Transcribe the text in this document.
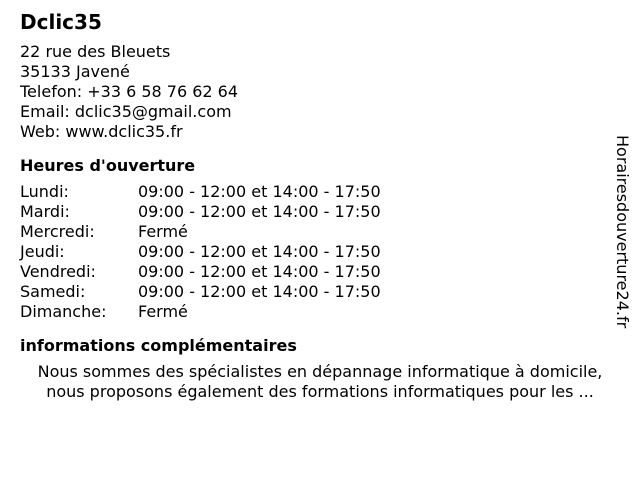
Dclic35
22 rue des Bleuets
35133 Javené
Telefon: +33 6 58 76 62 64
Email: dclic35@gmail.com
Web: www.dclic35.fr
Heures d'ouverture
Lundi:	09:00 - 12:00 et 14:00 - 17:50
Mardi:	09:00 - 12:00 et 14:00 - 17:50
Mercredi:	Fermé
Jeudi:	09:00 - 12:00 et 14:00 - 17:50
Vendredi:	09:00 - 12:00 et 14:00 - 17:50
Samedi:	09:00 - 12:00 et 14:00 - 17:50
Dimanche:	Fermé
informations complémentaires
Nous sommes des spécialistes en dépannage informatique à domicile,
nous proposons également des formations informatiques pour les ...
Horairesdouverture24.fr
